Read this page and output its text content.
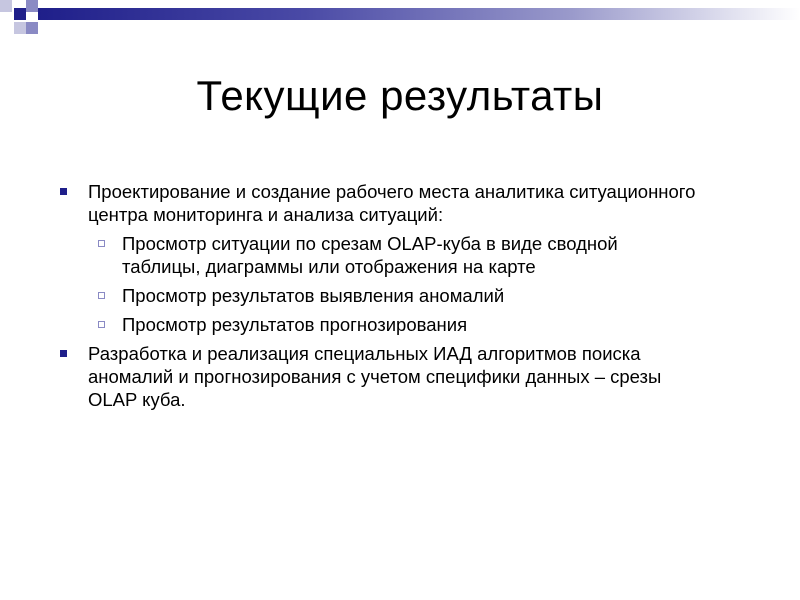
Текущие результаты
Проектирование и создание рабочего места аналитика ситуационного центра мониторинга и анализа ситуаций:
Просмотр ситуации по срезам OLAP-куба в виде сводной таблицы, диаграммы или отображения на карте
Просмотр результатов выявления аномалий
Просмотр результатов прогнозирования
Разработка и реализация специальных ИАД алгоритмов поиска аномалий и прогнозирования с учетом специфики данных – срезы OLAP куба.
